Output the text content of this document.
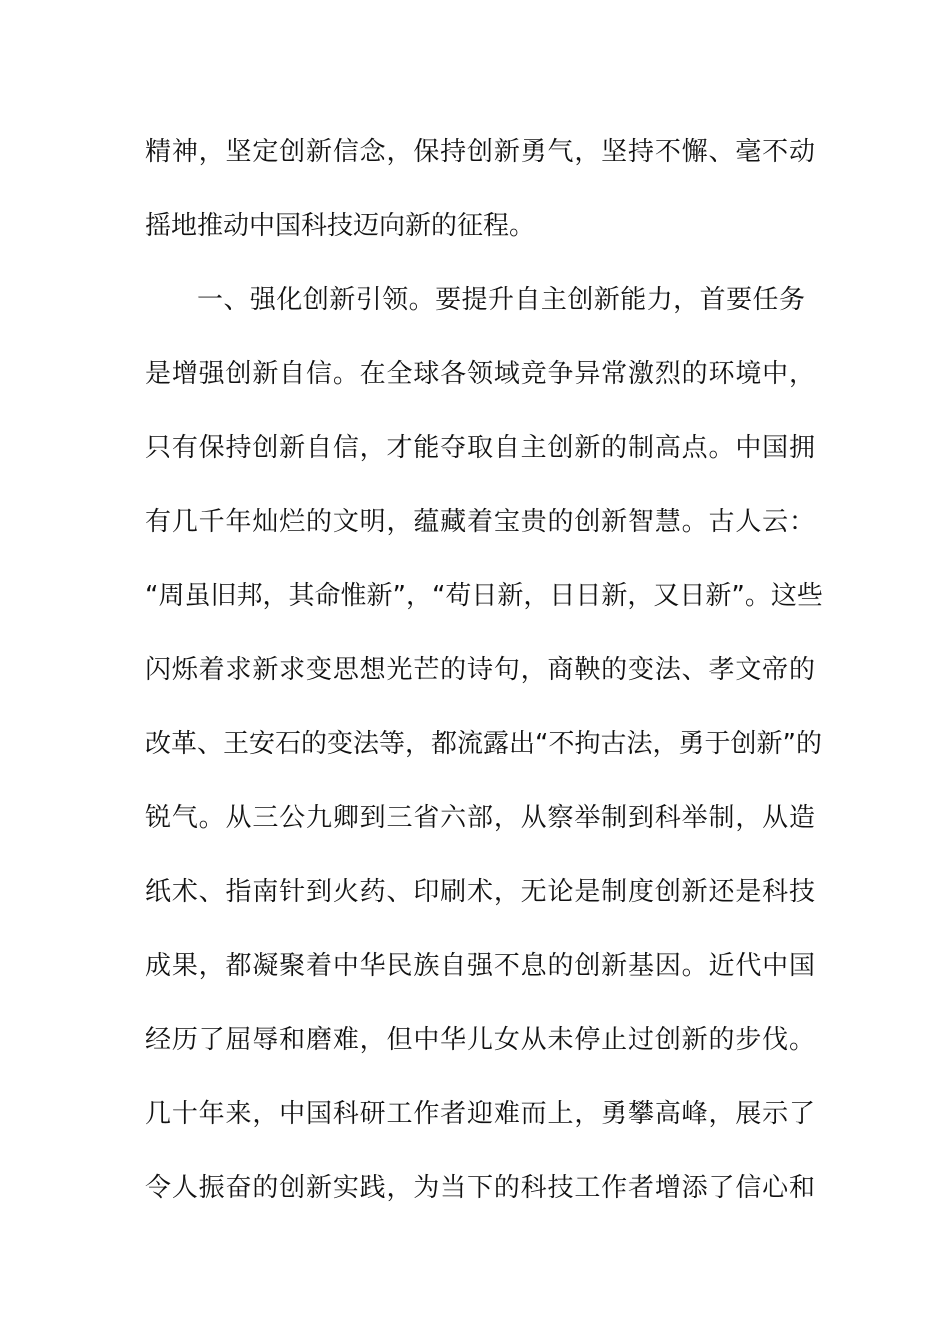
精神，坚定创新信念，保持创新勇气，坚持不懈、毫不动
摇地推动中国科技迈向新的征程。
一、强化创新引领。要提升自主创新能力，首要任务
是增强创新自信。在全球各领域竞争异常激烈的环境中，
只有保持创新自信，才能夺取自主创新的制高点。中国拥
有几千年灿烂的文明，蕴藏着宝贵的创新智慧。古人云：
“周虽旧邦，其命惟新”，“苟日新，日日新，又日新”。这些
闪烁着求新求变思想光芒的诗句，商鞅的变法、孝文帝的
改革、王安石的变法等，都流露出“不拘古法，勇于创新”的
锐气。从三公九卿到三省六部，从察举制到科举制，从造
纸术、指南针到火药、印刷术，无论是制度创新还是科技
成果，都凝聚着中华民族自强不息的创新基因。近代中国
经历了屈辱和磨难，但中华儿女从未停止过创新的步伐。
几十年来，中国科研工作者迎难而上，勇攀高峰，展示了
令人振奋的创新实践，为当下的科技工作者增添了信心和
